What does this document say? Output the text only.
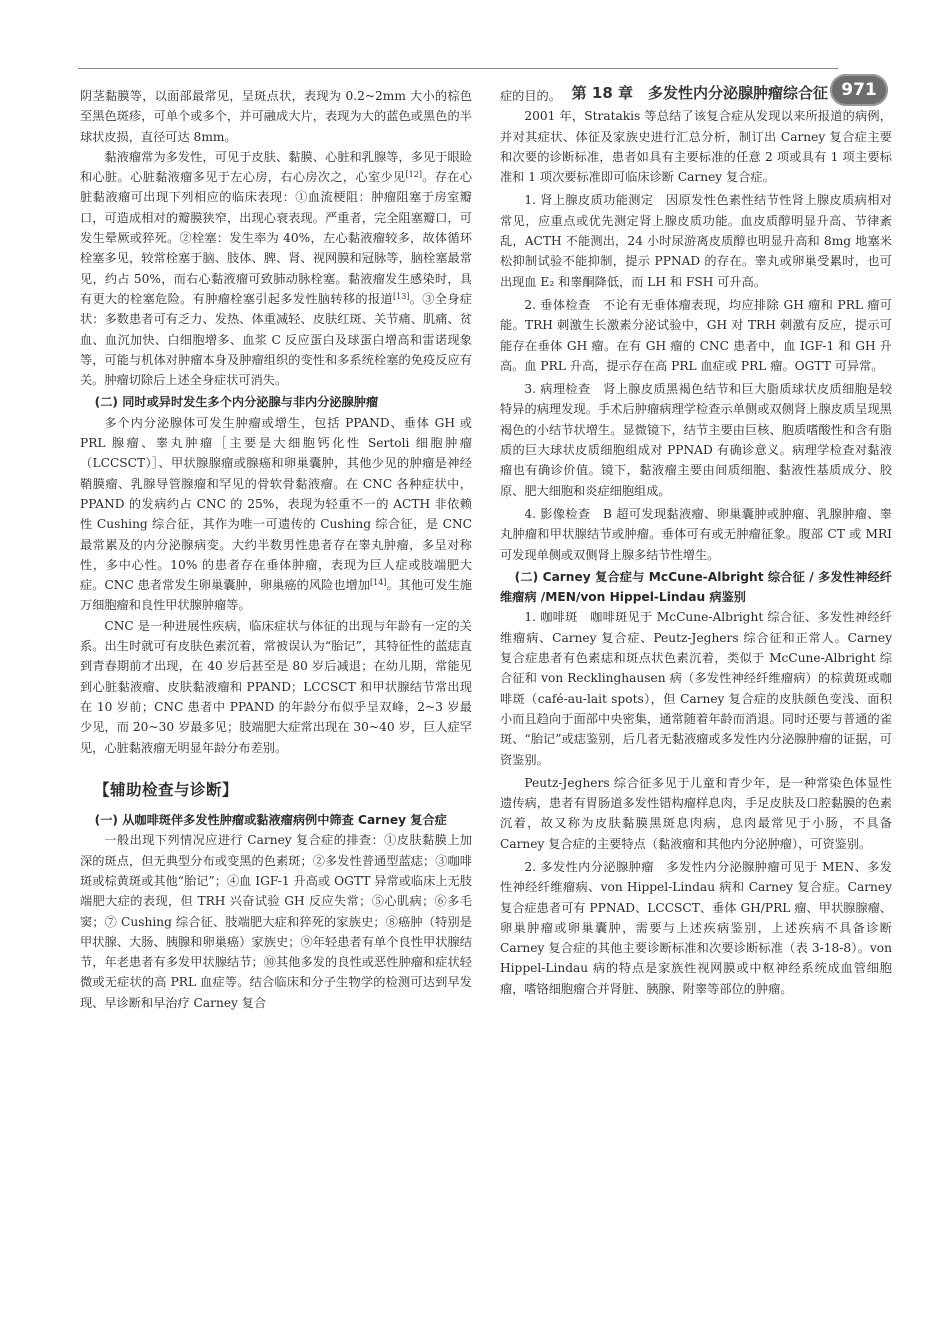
第 18 章　多发性内分泌腺肿瘤综合征 971

阴茎黏膜等，以面部最常见，呈斑点状，表现为 0.2~2mm 大小的棕色至黑色斑疹，可单个或多个，并可融成大片，表现为大的蓝色或黑色的半球状皮损，直径可达 8mm。

黏液瘤常为多发性，可见于皮肤、黏膜、心脏和乳腺等，多见于眼睑和心脏。心脏黏液瘤多见于左心房，右心房次之，心室少见[12]。存在心脏黏液瘤可出现下列相应的临床表现：①血流梗阻：肿瘤阻塞于房室瓣口，可造成相对的瓣膜狭窄，出现心衰表现。严重者，完全阻塞瓣口，可发生晕厥或猝死。②栓塞：发生率为 40%，左心黏液瘤较多，故体循环栓塞多见，较常栓塞于脑、肢体、脾、肾、视网膜和冠脉等，脑栓塞最常见，约占 50%，而右心黏液瘤可致肺动脉栓塞。黏液瘤发生感染时，具有更大的栓塞危险。有肿瘤栓塞引起多发性脑转移的报道[13]。③全身症状：多数患者可有乏力、发热、体重减轻、皮肤红斑、关节痛、肌痛、贫血、血沉加快、白细胞增多、血浆 C 反应蛋白及球蛋白增高和雷诺现象等，可能与机体对肿瘤本身及肿瘤组织的变性和多系统栓塞的免疫反应有关。肿瘤切除后上述全身症状可消失。

(二) 同时或异时发生多个内分泌腺与非内分泌腺肿瘤

多个内分泌腺体可发生肿瘤或增生，包括 PPAND、垂体 GH 或 PRL 腺瘤、睾丸肿瘤［主要是大细胞钙化性 Sertoli 细胞肿瘤（LCCSCT）］、甲状腺腺瘤或腺癌和卵巢囊肿，其他少见的肿瘤是神经鞘膜瘤、乳腺导管腺瘤和罕见的骨软骨黏液瘤。在 CNC 各种症状中，PPAND 的发病约占 CNC 的 25%，表现为轻重不一的 ACTH 非依赖性 Cushing 综合征，其作为唯一可遗传的 Cushing 综合征，是 CNC 最常累及的内分泌腺病变。大约半数男性患者存在睾丸肿瘤，多呈对称性，多中心性。10% 的患者存在垂体肿瘤，表现为巨人症或肢端肥大症。CNC 患者常发生卵巢囊肿，卵巢癌的风险也增加[14]。其他可发生施万细胞瘤和良性甲状腺肿瘤等。

CNC 是一种进展性疾病，临床症状与体征的出现与年龄有一定的关系。出生时就可有皮肤色素沉着，常被误认为“胎记”，其特征性的蓝痣直到青春期前才出现，在 40 岁后甚至是 80 岁后减退；在幼儿期，常能见到心脏黏液瘤、皮肤黏液瘤和 PPAND；LCCSCT 和甲状腺结节常出现在 10 岁前；CNC 患者中 PPAND 的年龄分布似乎呈双峰，2~3 岁最少见，而 20~30 岁最多见；肢端肥大症常出现在 30~40 岁，巨人症罕见，心脏黏液瘤无明显年龄分布差别。

【辅助检查与诊断】

(一) 从咖啡斑伴多发性肿瘤或黏液瘤病例中筛查 Carney 复合症

一般出现下列情况应进行 Carney 复合症的排查：①皮肤黏膜上加深的斑点，但无典型分布或变黑的色素斑；②多发性普通型蓝痣；③咖啡斑或棕黄斑或其他“胎记”；④血 IGF-1 升高或 OGTT 异常或临床上无肢端肥大症的表现，但 TRH 兴奋试验 GH 反应失常；⑤心肌病；⑥多毛窦；⑦ Cushing 综合征、肢端肥大症和猝死的家族史；⑧癌肿（特别是甲状腺、大肠、胰腺和卵巢癌）家族史；⑨年轻患者有单个良性甲状腺结节，年老患者有多发甲状腺结节；⑩其他多发的良性或恶性肿瘤和症状轻微或无症状的高 PRL 血症等。结合临床和分子生物学的检测可达到早发现、早诊断和早治疗 Carney 复合

症的目的。

2001 年，Stratakis 等总结了该复合症从发现以来所报道的病例，并对其症状、体征及家族史进行汇总分析，制订出 Carney 复合症主要和次要的诊断标准，患者如具有主要标准的任意 2 项或具有 1 项主要标准和 1 项次要标准即可临床诊断 Carney 复合症。

1. 肾上腺皮质功能测定　因原发性色素性结节性肾上腺皮质病相对常见，应重点或优先测定肾上腺皮质功能。血皮质醇明显升高、节律紊乱，ACTH 不能测出，24 小时尿游离皮质醇也明显升高和 8mg 地塞米松抑制试验不能抑制，提示 PPNAD 的存在。睾丸或卵巢受累时，也可出现血 E₂ 和睾酮降低，而 LH 和 FSH 可升高。

2. 垂体检查　不论有无垂体瘤表现，均应排除 GH 瘤和 PRL 瘤可能。TRH 刺激生长激素分泌试验中，GH 对 TRH 刺激有反应，提示可能存在垂体 GH 瘤。在有 GH 瘤的 CNC 患者中，血 IGF-1 和 GH 升高。血 PRL 升高，提示存在高 PRL 血症或 PRL 瘤。OGTT 可异常。

3. 病理检查　肾上腺皮质黑褐色结节和巨大脂质球状皮质细胞是较特异的病理发现。手术后肿瘤病理学检查示单侧或双侧肾上腺皮质呈现黑褐色的小结节状增生。显微镜下，结节主要由巨核、胞质嗜酸性和含有脂质的巨大球状皮质细胞组成对 PPNAD 有确诊意义。病理学检查对黏液瘤也有确诊价值。镜下，黏液瘤主要由间质细胞、黏液性基质成分、胶原、肥大细胞和炎症细胞组成。

4. 影像检查　B 超可发现黏液瘤、卵巢囊肿或肿瘤、乳腺肿瘤、睾丸肿瘤和甲状腺结节或肿瘤。垂体可有或无肿瘤征象。腹部 CT 或 MRI 可发现单侧或双侧肾上腺多结节性增生。

(二) Carney 复合症与 McCune-Albright 综合征 / 多发性神经纤维瘤病 /MEN/von Hippel-Lindau 病鉴别

1. 咖啡斑　咖啡斑见于 McCune-Albright 综合征、多发性神经纤维瘤病、Carney 复合症、Peutz-Jeghers 综合征和正常人。Carney 复合症患者有色素痣和斑点状色素沉着，类似于 McCune-Albright 综合征和 von Recklinghausen 病（多发性神经纤维瘤病）的棕黄斑或咖啡斑（café-au-lait spots），但 Carney 复合症的皮肤颜色变浅、面积小而且趋向于面部中央密集，通常随着年龄而消退。同时还要与普通的雀斑、“胎记”或痣鉴别，后几者无黏液瘤或多发性内分泌腺肿瘤的证据，可资鉴别。

Peutz-Jeghers 综合征多见于儿童和青少年，是一种常染色体显性遗传病，患者有胃肠道多发性错构瘤样息肉，手足皮肤及口腔黏膜的色素沉着，故又称为皮肤黏膜黑斑息肉病，息肉最常见于小肠，不具备 Carney 复合症的主要特点（黏液瘤和其他内分泌肿瘤），可资鉴别。

2. 多发性内分泌腺肿瘤　多发性内分泌腺肿瘤可见于 MEN、多发性神经纤维瘤病、von Hippel-Lindau 病和 Carney 复合症。Carney 复合症患者可有 PPNAD、LCCSCT、垂体 GH/PRL 瘤、甲状腺腺瘤、卵巢肿瘤或卵巢囊肿，需要与上述疾病鉴别，上述疾病不具备诊断 Carney 复合症的其他主要诊断标准和次要诊断标准（表 3-18-8）。von Hippel-Lindau 病的特点是家族性视网膜或中枢神经系统成血管细胞瘤，嗜铬细胞瘤合并肾脏、胰腺、附睾等部位的肿瘤。
